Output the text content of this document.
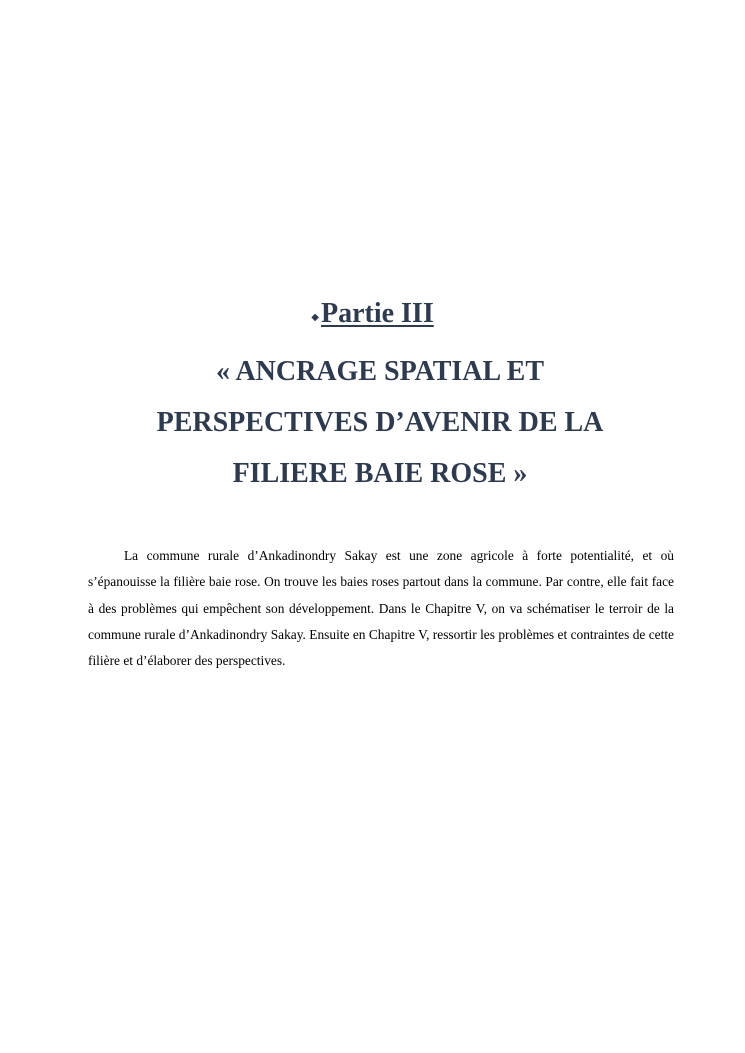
◆Partie III
« ANCRAGE SPATIAL ET
PERSPECTIVES D’AVENIR DE LA
FILIERE BAIE ROSE »

La commune rurale d’Ankadinondry Sakay est une zone agricole à forte potentialité, et où s’épanouisse la filière baie rose. On trouve les baies roses partout dans la commune. Par contre, elle fait face à des problèmes qui empêchent son développement. Dans le Chapitre V, on va schématiser le terroir de la commune rurale d’Ankadinondry Sakay. Ensuite en Chapitre V, ressortir les problèmes et contraintes de cette filière et d’élaborer des perspectives.
